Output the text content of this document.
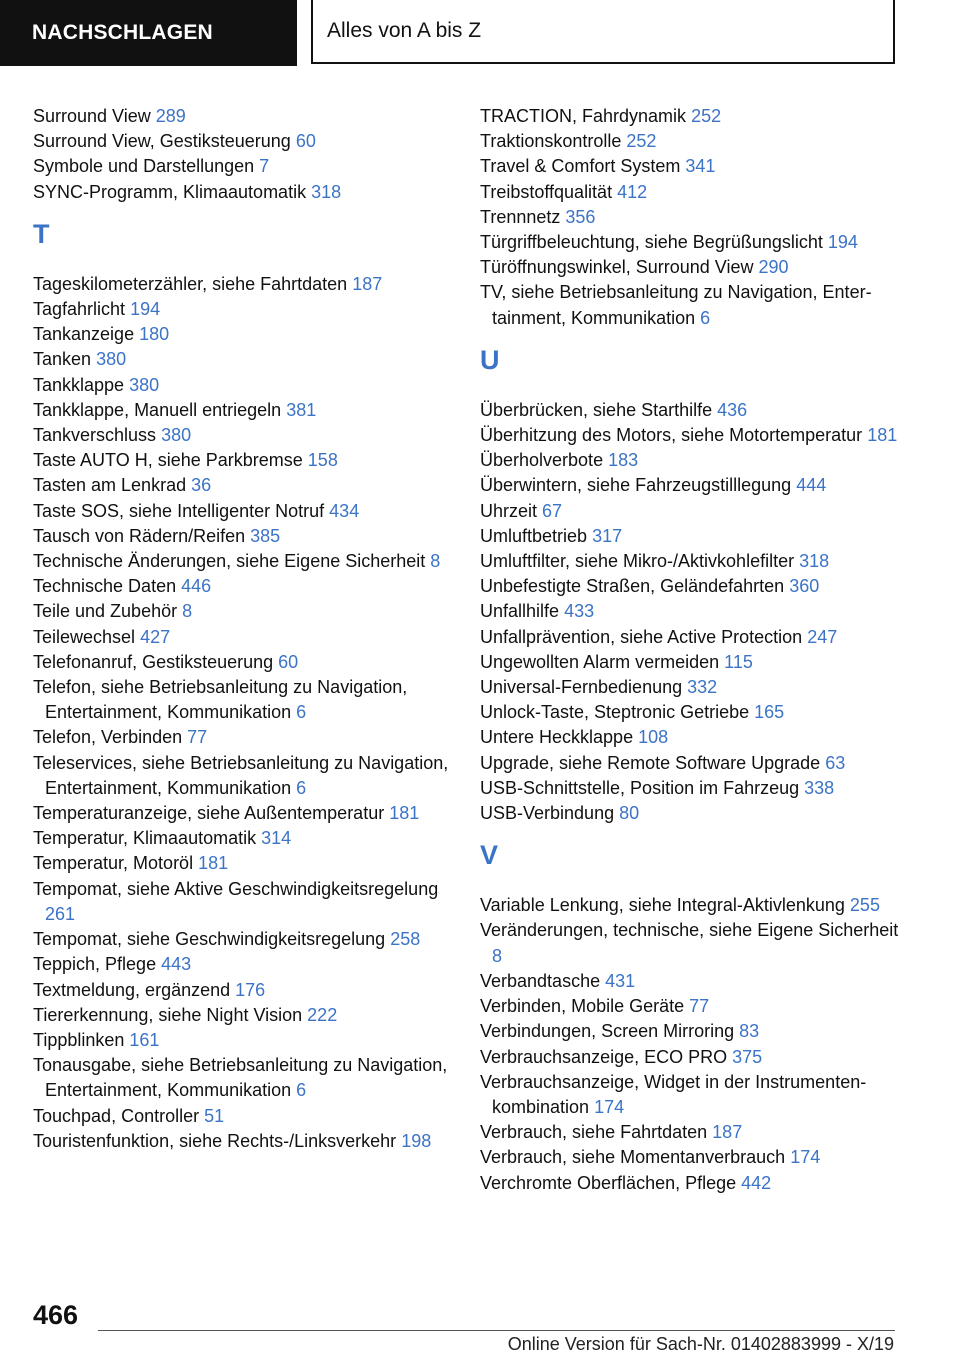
NACHSCHLAGEN	Alles von A bis Z
Surround View 289
Surround View, Gestiksteuerung 60
Symbole und Darstellungen 7
SYNC-Programm, Klimaautomatik 318
T
Tageskilometerzähler, siehe Fahrtdaten 187
Tagfahrlicht 194
Tankanzeige 180
Tanken 380
Tankklappe 380
Tankklappe, Manuell entriegeln 381
Tankverschluss 380
Taste AUTO H, siehe Parkbremse 158
Tasten am Lenkrad 36
Taste SOS, siehe Intelligenter Notruf 434
Tausch von Rädern/Reifen 385
Technische Änderungen, siehe Eigene Sicherheit 8
Technische Daten 446
Teile und Zubehör 8
Teilewechsel 427
Telefonanruf, Gestiksteuerung 60
Telefon, siehe Betriebsanleitung zu Navigation, Entertainment, Kommunikation 6
Telefon, Verbinden 77
Teleservices, siehe Betriebsanleitung zu Navigation, Entertainment, Kommunikation 6
Temperaturanzeige, siehe Außentemperatur 181
Temperatur, Klimaautomatik 314
Temperatur, Motoröl 181
Tempomat, siehe Aktive Geschwindigkeitsregelung 261
Tempomat, siehe Geschwindigkeitsregelung 258
Teppich, Pflege 443
Textmeldung, ergänzend 176
Tiererkennung, siehe Night Vision 222
Tippblinken 161
Tonausgabe, siehe Betriebsanleitung zu Navigation, Entertainment, Kommunikation 6
Touchpad, Controller 51
Touristenfunktion, siehe Rechts-/Linksverkehr 198
TRACTION, Fahrdynamik 252
Traktionskontrolle 252
Travel & Comfort System 341
Treibstoffqualität 412
Trennnetz 356
Türgriffbeleuchtung, siehe Begrüßungslicht 194
Türöffnungswinkel, Surround View 290
TV, siehe Betriebsanleitung zu Navigation, Entertainment, Kommunikation 6
U
Überbrücken, siehe Starthilfe 436
Überhitzung des Motors, siehe Motortemperatur 181
Überholverbote 183
Überwintern, siehe Fahrzeugstilllegung 444
Uhrzeit 67
Umluftbetrieb 317
Umluftfilter, siehe Mikro-/Aktivkohlefilter 318
Unbefestigte Straßen, Geländefahrten 360
Unfallhilfe 433
Unfallprävention, siehe Active Protection 247
Ungewollten Alarm vermeiden 115
Universal-Fernbedienung 332
Unlock-Taste, Steptronic Getriebe 165
Untere Heckklappe 108
Upgrade, siehe Remote Software Upgrade 63
USB-Schnittstelle, Position im Fahrzeug 338
USB-Verbindung 80
V
Variable Lenkung, siehe Integral-Aktivlenkung 255
Veränderungen, technische, siehe Eigene Sicherheit 8
Verbandtasche 431
Verbinden, Mobile Geräte 77
Verbindungen, Screen Mirroring 83
Verbrauchsanzeige, ECO PRO 375
Verbrauchsanzeige, Widget in der Instrumentenkombination 174
Verbrauch, siehe Fahrtdaten 187
Verbrauch, siehe Momentanverbrauch 174
Verchromte Oberflächen, Pflege 442
466
Online Version für Sach-Nr. 01402883999 - X/19
